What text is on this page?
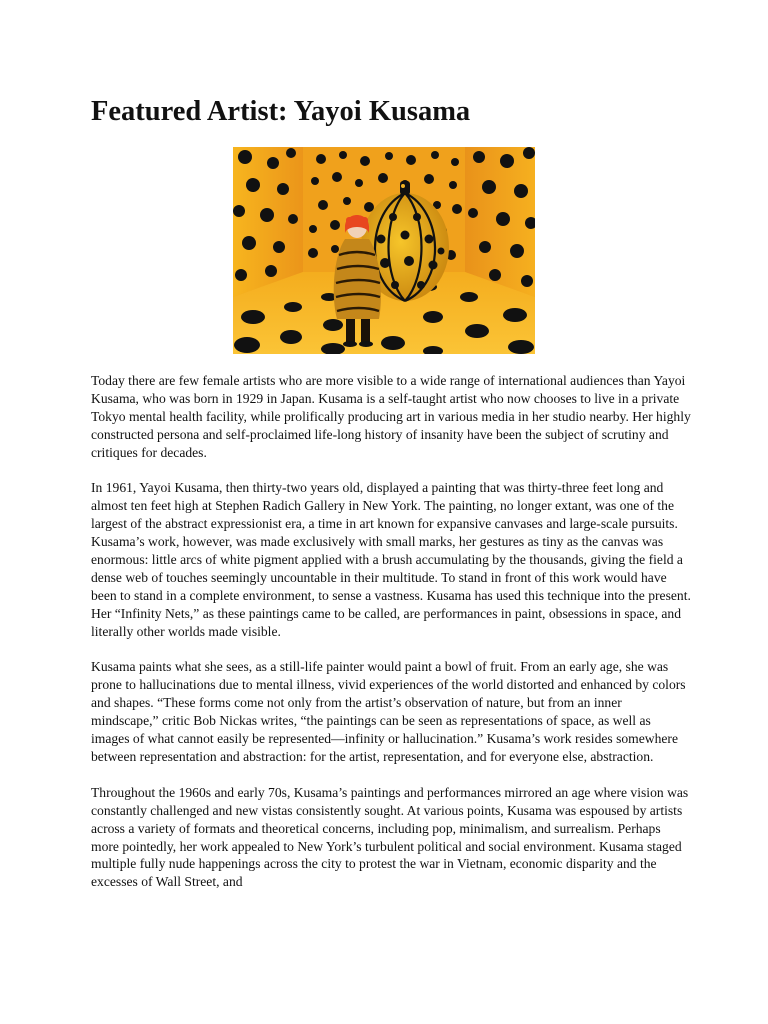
Featured Artist: Yayoi Kusama

Today there are few female artists who are more visible to a wide range of international audiences than Yayoi Kusama, who was born in 1929 in Japan. Kusama is a self-taught artist who now chooses to live in a private Tokyo mental health facility, while prolifically producing art in various media in her studio nearby. Her highly constructed persona and self-proclaimed life-long history of insanity have been the subject of scrutiny and critiques for decades.

In 1961, Yayoi Kusama, then thirty-two years old, displayed a painting that was thirty-three feet long and almost ten feet high at Stephen Radich Gallery in New York. The painting, no longer extant, was one of the largest of the abstract expressionist era, a time in art known for expansive canvases and large-scale pursuits. Kusama’s work, however, was made exclusively with small marks, her gestures as tiny as the canvas was enormous: little arcs of white pigment applied with a brush accumulating by the thousands, giving the field a dense web of touches seemingly uncountable in their multitude. To stand in front of this work would have been to stand in a complete environment, to sense a vastness. Kusama has used this technique into the present. Her “Infinity Nets,” as these paintings came to be called, are performances in paint, obsessions in space, and literally other worlds made visible.

Kusama paints what she sees, as a still-life painter would paint a bowl of fruit. From an early age, she was prone to hallucinations due to mental illness, vivid experiences of the world distorted and enhanced by colors and shapes. “These forms come not only from the artist’s observation of nature, but from an inner mindscape,” critic Bob Nickas writes, “the paintings can be seen as representations of space, as well as images of what cannot easily be represented—infinity or hallucination.” Kusama’s work resides somewhere between representation and abstraction: for the artist, representation, and for everyone else, abstraction.

Throughout the 1960s and early 70s, Kusama’s paintings and performances mirrored an age where vision was constantly challenged and new vistas consistently sought. At various points, Kusama was espoused by artists across a variety of formats and theoretical concerns, including pop, minimalism, and surrealism. Perhaps more pointedly, her work appealed to New York’s turbulent political and social environment. Kusama staged multiple fully nude happenings across the city to protest the war in Vietnam, economic disparity and the excesses of Wall Street, and
